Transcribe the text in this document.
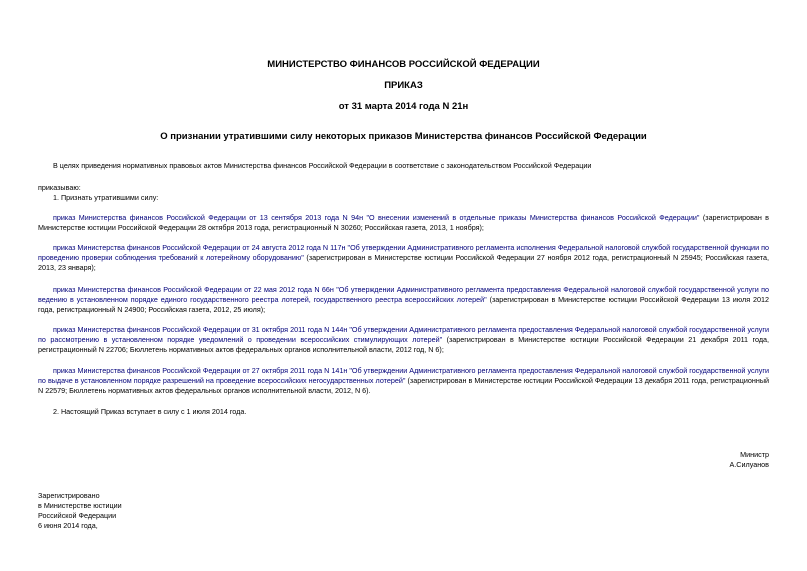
МИНИСТЕРСТВО ФИНАНСОВ РОССИЙСКОЙ ФЕДЕРАЦИИ
ПРИКАЗ
от 31 марта 2014 года N 21н
О признании утратившими силу некоторых приказов Министерства финансов Российской Федерации
В целях приведения нормативных правовых актов Министерства финансов Российской Федерации в соответствие с законодательством Российской Федерации
приказываю:
1. Признать утратившими силу:
приказ Министерства финансов Российской Федерации от 13 сентября 2013 года N 94н "О внесении изменений в отдельные приказы Министерства финансов Российской Федерации" (зарегистрирован в Министерстве юстиции Российской Федерации 28 октября 2013 года, регистрационный N 30260; Российская газета, 2013, 1 ноября);
приказ Министерства финансов Российской Федерации от 24 августа 2012 года N 117н "Об утверждении Административного регламента исполнения Федеральной налоговой службой государственной функции по проведению проверки соблюдения требований к лотерейному оборудованию" (зарегистрирован в Министерстве юстиции Российской Федерации 27 ноября 2012 года, регистрационный N 25945; Российская газета, 2013, 23 января);
приказ Министерства финансов Российской Федерации от 22 мая 2012 года N 66н "Об утверждении Административного регламента предоставления Федеральной налоговой службой государственной услуги по ведению в установленном порядке единого государственного реестра лотерей, государственного реестра всероссийских лотерей" (зарегистрирован в Министерстве юстиции Российской Федерации 13 июля 2012 года, регистрационный N 24900; Российская газета, 2012, 25 июля);
приказ Министерства финансов Российской Федерации от 31 октября 2011 года N 144н "Об утверждении Административного регламента предоставления Федеральной налоговой службой государственной услуги по рассмотрению в установленном порядке уведомлений о проведении всероссийских стимулирующих лотерей" (зарегистрирован в Министерстве юстиции Российской Федерации 21 декабря 2011 года, регистрационный N 22706; Бюллетень нормативных актов федеральных органов исполнительной власти, 2012 год, N 6);
приказ Министерства финансов Российской Федерации от 27 октября 2011 года N 141н "Об утверждении Административного регламента предоставления Федеральной налоговой службой государственной услуги по выдаче в установленном порядке разрешений на проведение всероссийских негосударственных лотерей" (зарегистрирован в Министерстве юстиции Российской Федерации 13 декабря 2011 года, регистрационный N 22579; Бюллетень нормативных актов федеральных органов исполнительной власти, 2012, N 6).
2. Настоящий Приказ вступает в силу с 1 июля 2014 года.
Министр
А.Силуанов
Зарегистрировано
в Министерстве юстиции
Российской Федерации
6 июня 2014 года,
